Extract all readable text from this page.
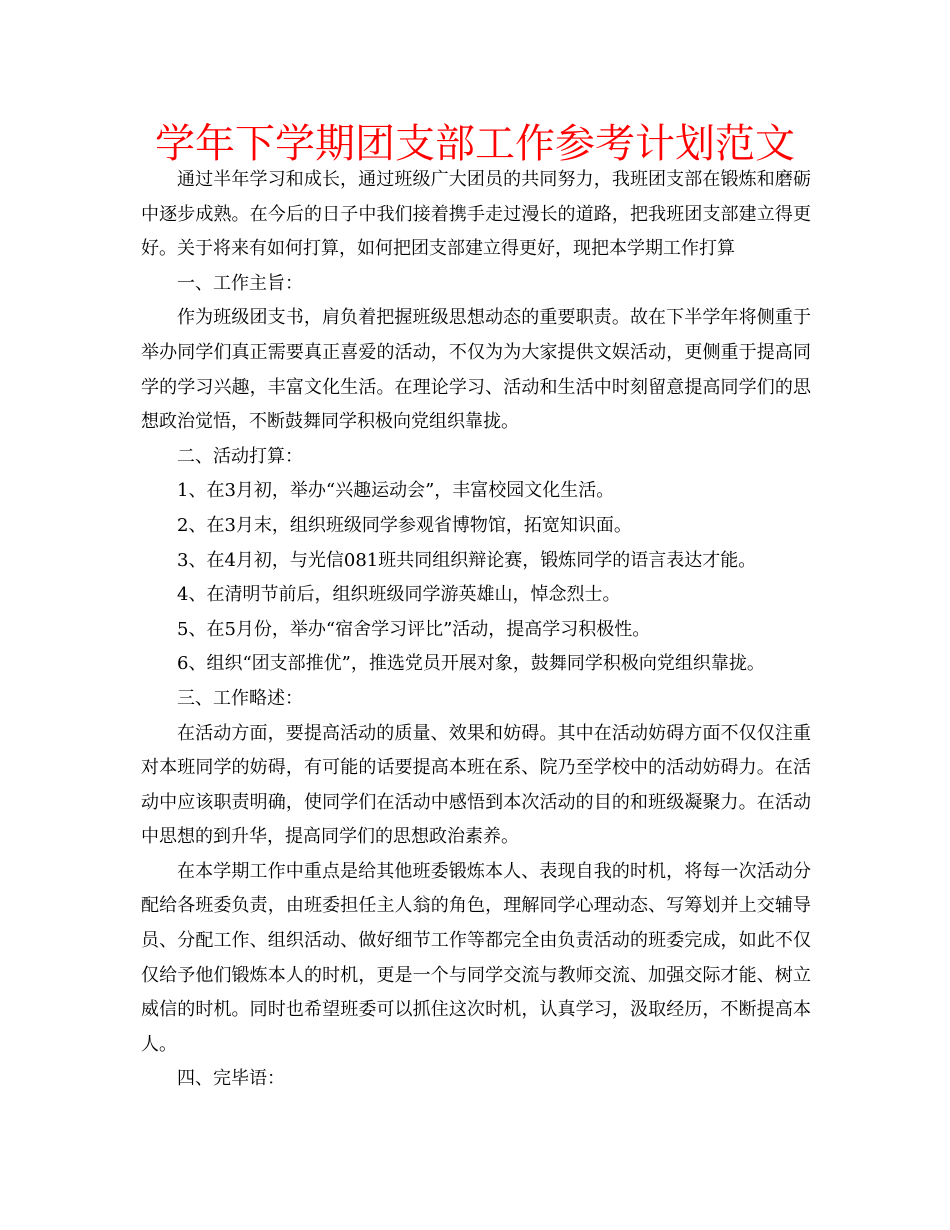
学年下学期团支部工作参考计划范文

通过半年学习和成长，通过班级广大团员的共同努力，我班团支部在锻炼和磨砺中逐步成熟。在今后的日子中我们接着携手走过漫长的道路，把我班团支部建立得更好。关于将来有如何打算，如何把团支部建立得更好，现把本学期工作打算

一、工作主旨：

作为班级团支书，肩负着把握班级思想动态的重要职责。故在下半学年将侧重于举办同学们真正需要真正喜爱的活动，不仅为为大家提供文娱活动，更侧重于提高同学的学习兴趣，丰富文化生活。在理论学习、活动和生活中时刻留意提高同学们的思想政治觉悟，不断鼓舞同学积极向党组织靠拢。

二、活动打算：

1、在3月初，举办“兴趣运动会”，丰富校园文化生活。

2、在3月末，组织班级同学参观省博物馆，拓宽知识面。

3、在4月初，与光信081班共同组织辩论赛，锻炼同学的语言表达才能。

4、在清明节前后，组织班级同学游英雄山，悼念烈士。

5、在5月份，举办“宿舍学习评比”活动，提高学习积极性。

6、组织“团支部推优”，推选党员开展对象，鼓舞同学积极向党组织靠拢。

三、工作略述：

在活动方面，要提高活动的质量、效果和妨碍。其中在活动妨碍方面不仅仅注重对本班同学的妨碍，有可能的话要提高本班在系、院乃至学校中的活动妨碍力。在活动中应该职责明确，使同学们在活动中感悟到本次活动的目的和班级凝聚力。在活动中思想的到升华，提高同学们的思想政治素养。

在本学期工作中重点是给其他班委锻炼本人、表现自我的时机，将每一次活动分配给各班委负责，由班委担任主人翁的角色，理解同学心理动态、写筹划并上交辅导员、分配工作、组织活动、做好细节工作等都完全由负责活动的班委完成，如此不仅仅给予他们锻炼本人的时机，更是一个与同学交流与教师交流、加强交际才能、树立威信的时机。同时也希望班委可以抓住这次时机，认真学习，汲取经历，不断提高本人。

四、完毕语：
